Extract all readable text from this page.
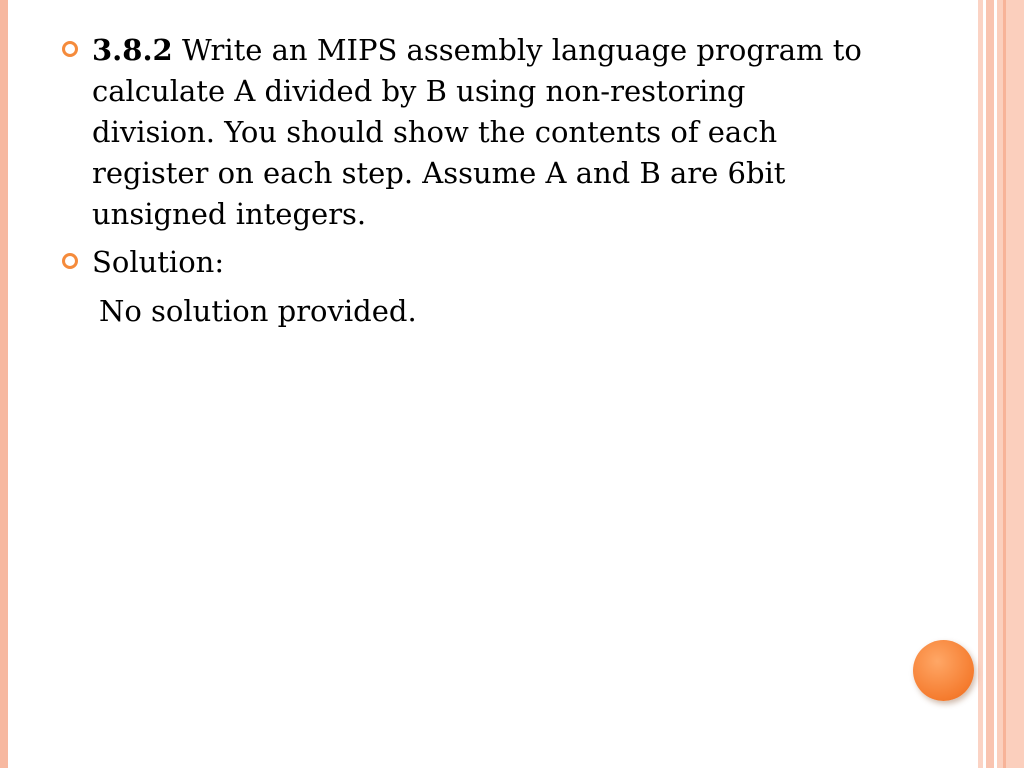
3.8.2 Write an MIPS assembly language program to calculate A divided by B using non-restoring division. You should show the contents of each register on each step. Assume A and B are 6bit unsigned integers.

Solution:

No solution provided.
